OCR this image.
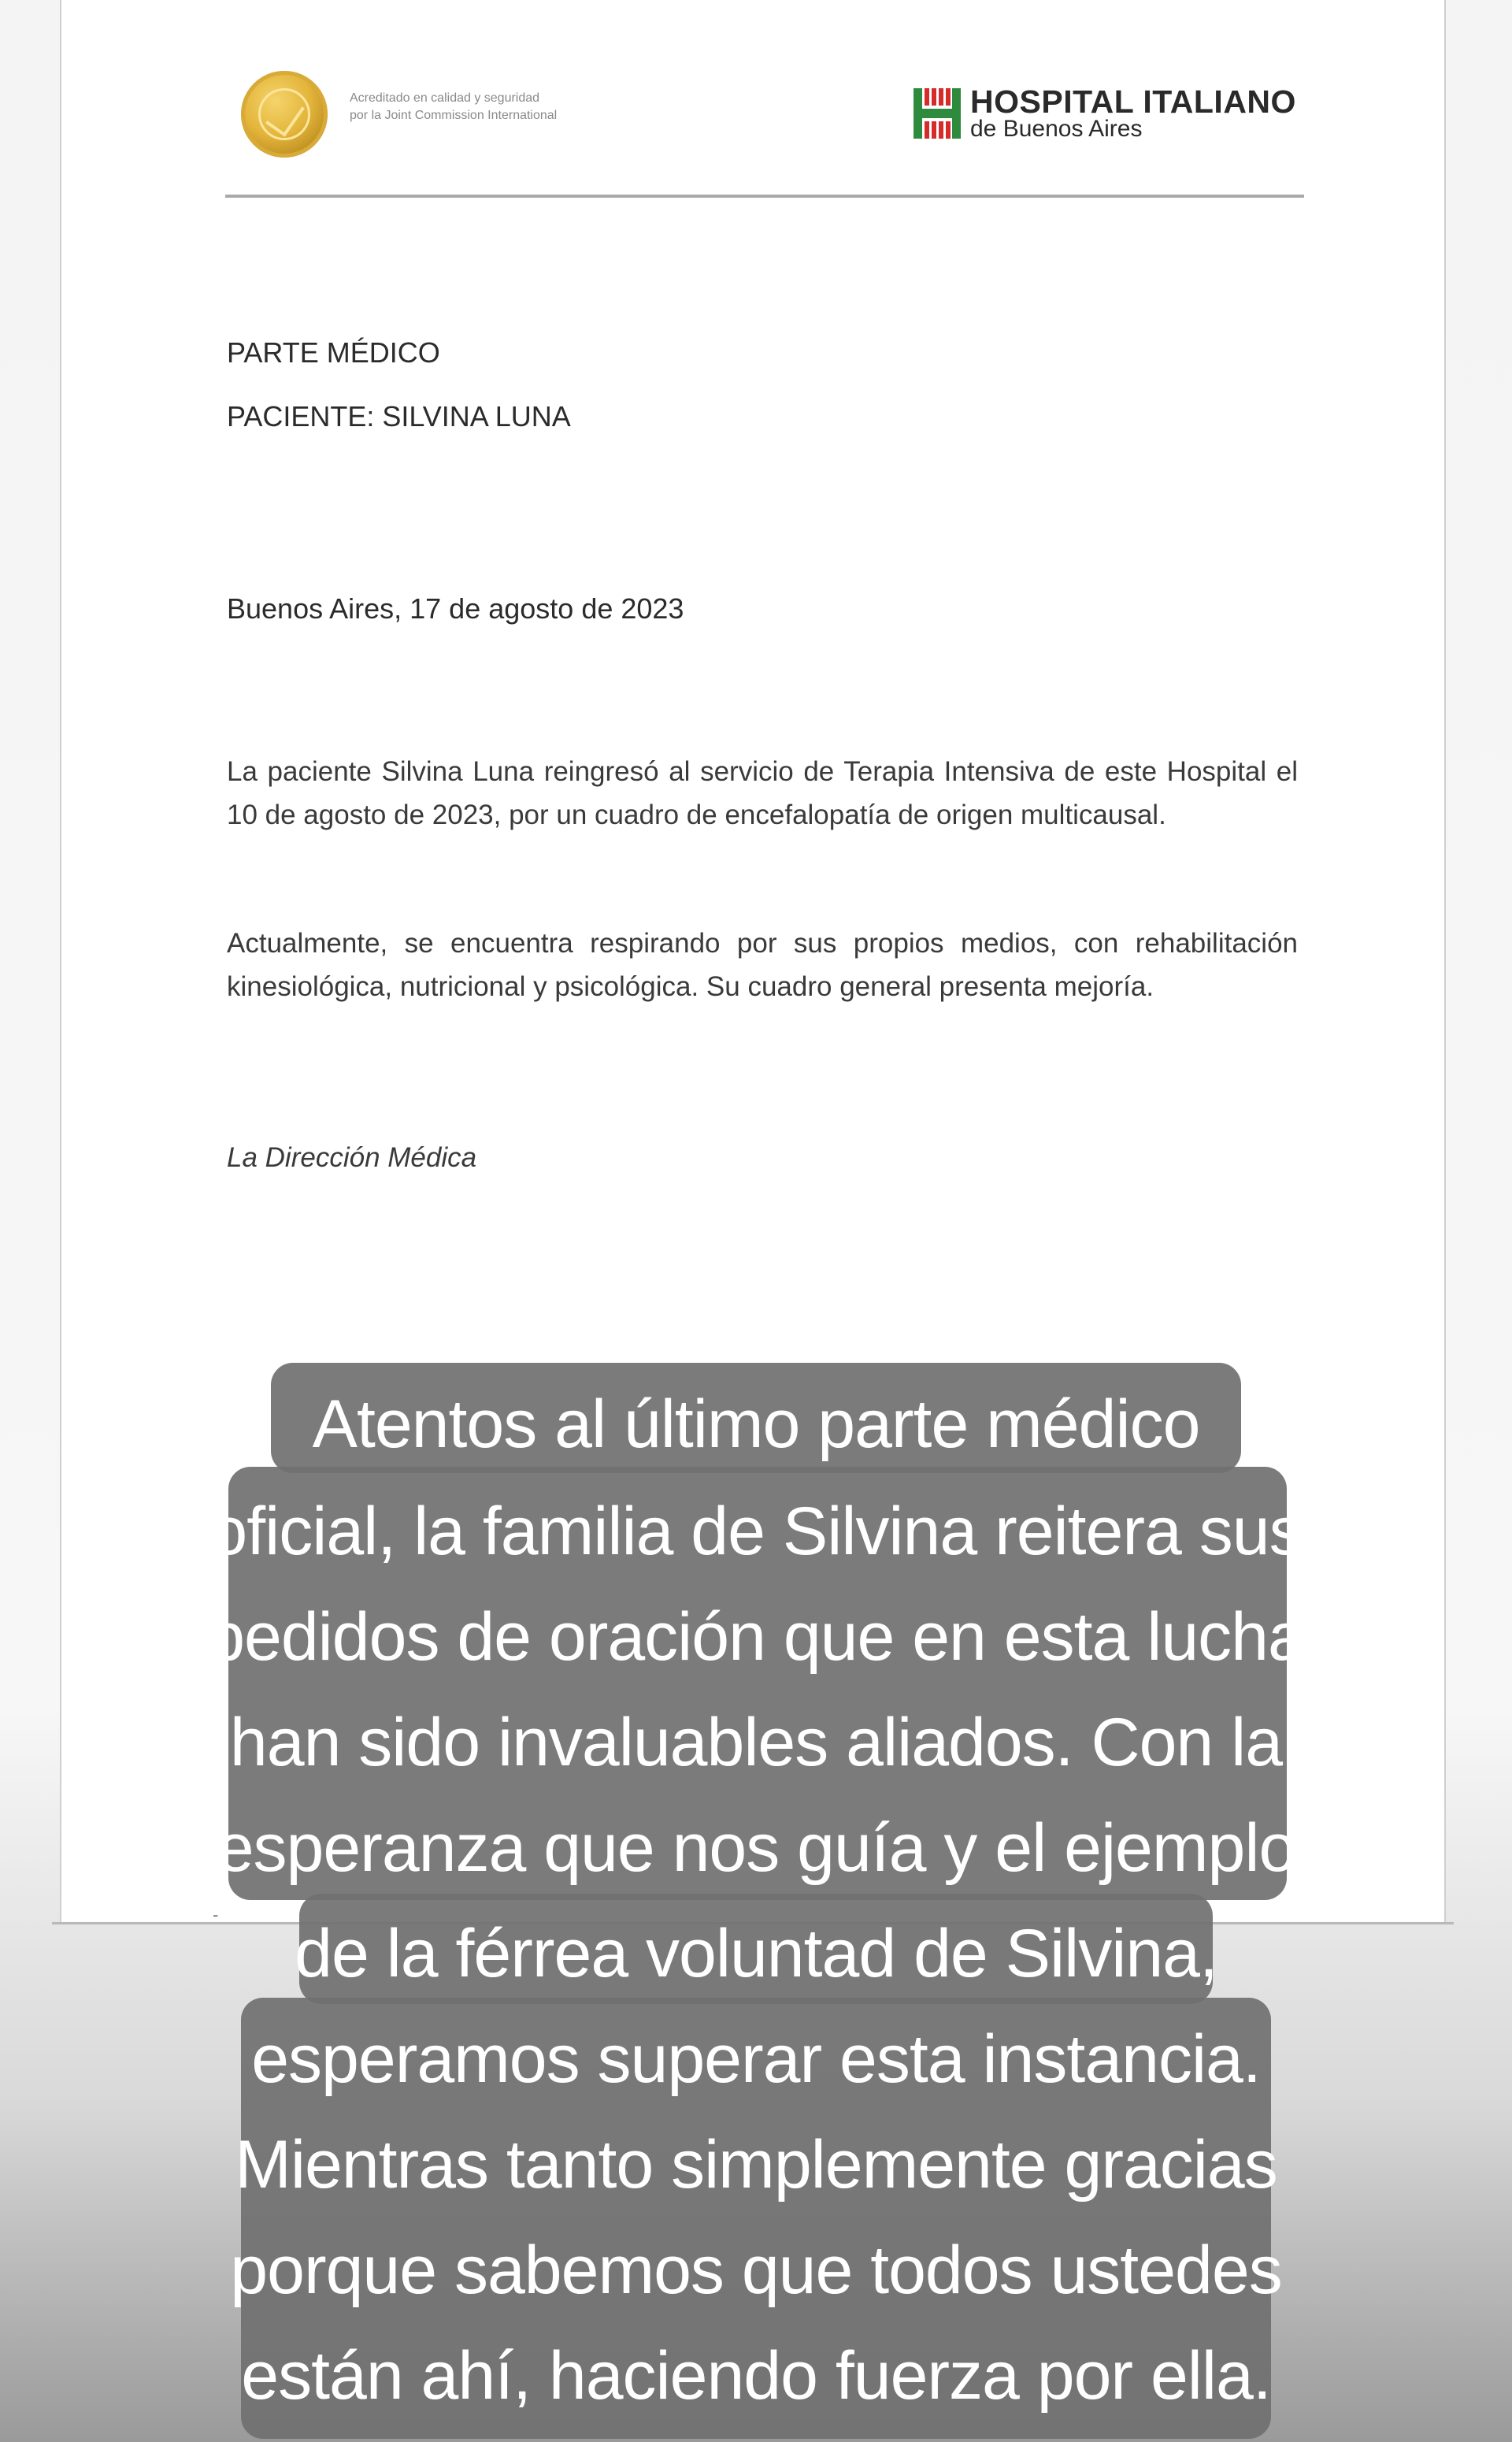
-
Acreditado en calidad y seguridad
por la Joint Commission International	HOSPITAL ITALIANO
de Buenos Aires
PARTE MÉDICO
PACIENTE: SILVINA LUNA
Buenos Aires, 17 de agosto de 2023
La paciente Silvina Luna reingresó al servicio de Terapia Intensiva de este Hospital el 10 de agosto de 2023, por un cuadro de encefalopatía de origen multicausal.
Actualmente, se encuentra respirando por sus propios medios, con rehabilitación kinesiológica, nutricional y psicológica. Su cuadro general presenta mejoría.
La Dirección Médica
Atentos al último parte médico
oficial, la familia de Silvina reitera sus
pedidos de oración que en esta lucha
han sido invaluables aliados. Con la
esperanza que nos guía y el ejemplo
de la férrea voluntad de Silvina,
esperamos superar esta instancia.
Mientras tanto simplemente gracias
porque sabemos que todos ustedes
están ahí, haciendo fuerza por ella.
